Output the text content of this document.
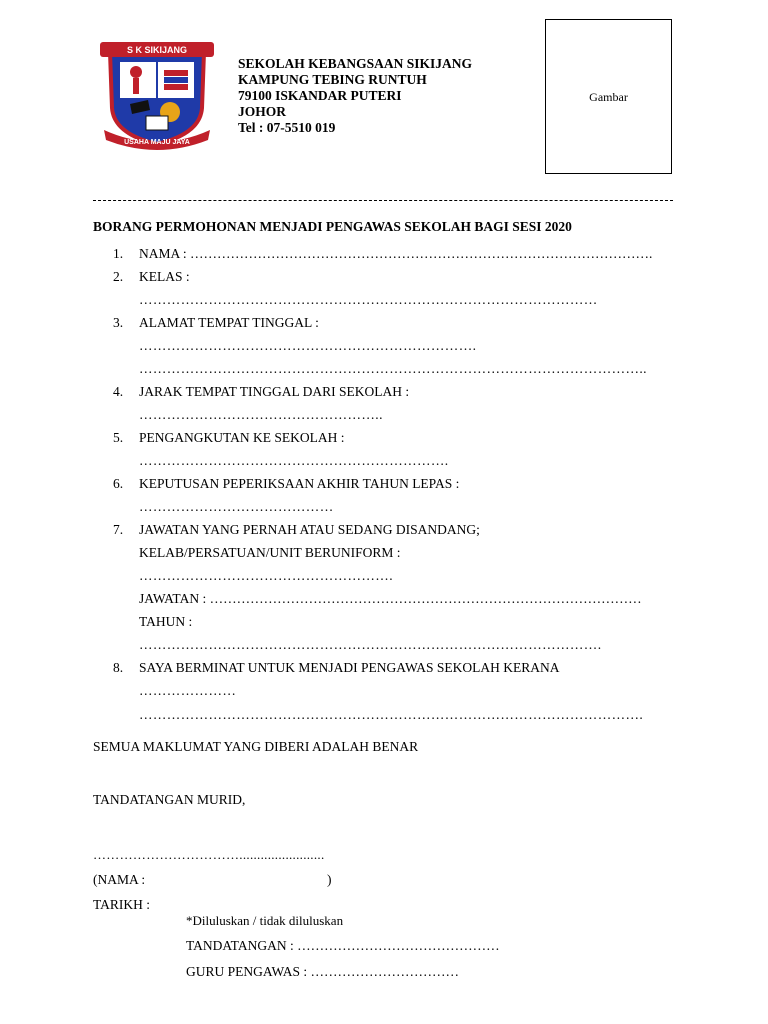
S K SIKIJANG
USAHA MAJU JAYA
SEKOLAH KEBANGSAAN SIKIJANG
KAMPUNG TEBING RUNTUH
79100 ISKANDAR PUTERI
JOHOR
Tel : 07-5510 019
Gambar
BORANG PERMOHONAN MENJADI PENGAWAS SEKOLAH BAGI SESI 2020
1. NAMA : ………………………………………………………………………………………….
2. KELAS :
………………………………………………………………………………………
3. ALAMAT TEMPAT TINGGAL :
……………………………………………………………….
………………………………………………………………………………………………..
4. JARAK TEMPAT TINGGAL DARI SEKOLAH :
……………………………………………..
5. PENGANGKUTAN KE SEKOLAH :
………………………………………………………….
6. KEPUTUSAN PEPERIKSAAN AKHIR TAHUN LEPAS :
……………………………………
7. JAWATAN YANG PERNAH ATAU SEDANG DISANDANG;
KELAB/PERSATUAN/UNIT BERUNIFORM :
……………………………………………….
JAWATAN : ……………………………………………………………………………………
TAHUN :
……………………………………………………………………………………….
8. SAYA BERMINAT UNTUK MENJADI PENGAWAS SEKOLAH KERANA
…………………
……………………………………………………………………………………………….
SEMUA MAKLUMAT YANG DIBERI ADALAH BENAR
TANDATANGAN MURID,
……………………………........................
(NAMA :	)
TARIKH :
*Diluluskan / tidak diluluskan
TANDATANGAN : ………………………………………
GURU PENGAWAS : ……………………………
